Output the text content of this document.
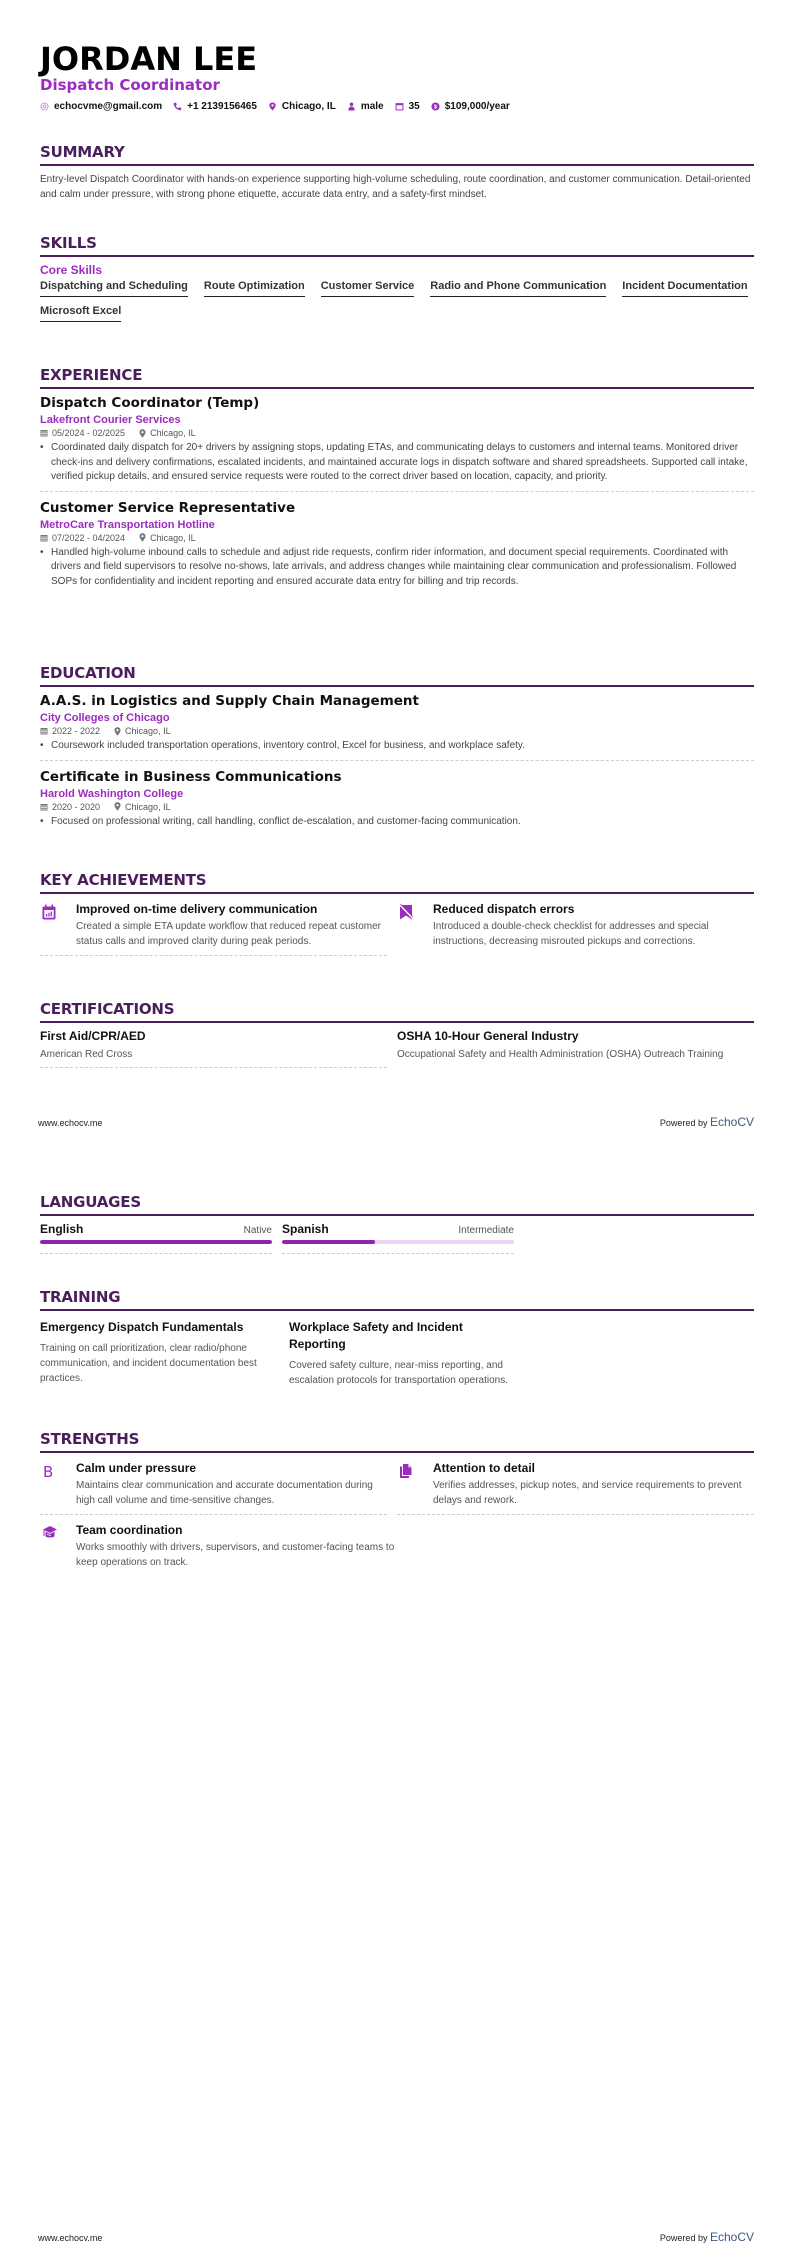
JORDAN LEE
Dispatch Coordinator
echocvme@gmail.com	+1 2139156465	Chicago, IL	male	35 $ $109,000/year
SUMMARY
Entry-level Dispatch Coordinator with hands-on experience supporting high-volume scheduling, route coordination, and customer communication. Detail-oriented and calm under pressure, with strong phone etiquette, accurate data entry, and a safety-first mindset.
SKILLS
Core Skills
Dispatching and Scheduling Route Optimization Customer Service Radio and Phone Communication Incident Documentation
Microsoft Excel
EXPERIENCE
Dispatch Coordinator (Temp)
Lakefront Courier Services
05/2024 - 02/2025	Chicago, IL
• Coordinated daily dispatch for 20+ drivers by assigning stops, updating ETAs, and communicating delays to customers and internal teams. Monitored driver check-ins and delivery confirmations, escalated incidents, and maintained accurate logs in dispatch software and shared spreadsheets. Supported call intake, verified pickup details, and ensured service requests were routed to the correct driver based on location, capacity, and priority.
Customer Service Representative
MetroCare Transportation Hotline
07/2022 - 04/2024	Chicago, IL
• Handled high-volume inbound calls to schedule and adjust ride requests, confirm rider information, and document special requirements. Coordinated with drivers and field supervisors to resolve no-shows, late arrivals, and address changes while maintaining clear communication and professionalism. Followed SOPs for confidentiality and incident reporting and ensured accurate data entry for billing and trip records.
EDUCATION
A.A.S. in Logistics and Supply Chain Management
City Colleges of Chicago
2022 - 2022	Chicago, IL
• Coursework included transportation operations, inventory control, Excel for business, and workplace safety.
Certificate in Business Communications
Harold Washington College
2020 - 2020	Chicago, IL
• Focused on professional writing, call handling, conflict de-escalation, and customer-facing communication.
KEY ACHIEVEMENTS
Improved on-time delivery communication
Created a simple ETA update workflow that reduced repeat customer status calls and improved clarity during peak periods.
Reduced dispatch errors
Introduced a double-check checklist for addresses and special instructions, decreasing misrouted pickups and corrections.
CERTIFICATIONS
First Aid/CPR/AED
American Red Cross
OSHA 10-Hour General Industry
Occupational Safety and Health Administration (OSHA) Outreach Training
www.echocv.me	Powered by EchoCV
LANGUAGES
English	Native Spanish	Intermediate
TRAINING
Emergency Dispatch Fundamentals
Training on call prioritization, clear radio/phone communication, and incident documentation best practices.
Workplace Safety and Incident Reporting
Covered safety culture, near-miss reporting, and escalation protocols for transportation operations.
STRENGTHS
B Calm under pressure
Maintains clear communication and accurate documentation during high call volume and time-sensitive changes.
Attention to detail
Verifies addresses, pickup notes, and service requirements to prevent delays and rework.
Team coordination
Works smoothly with drivers, supervisors, and customer-facing teams to keep operations on track.
www.echocv.me	Powered by EchoCV
